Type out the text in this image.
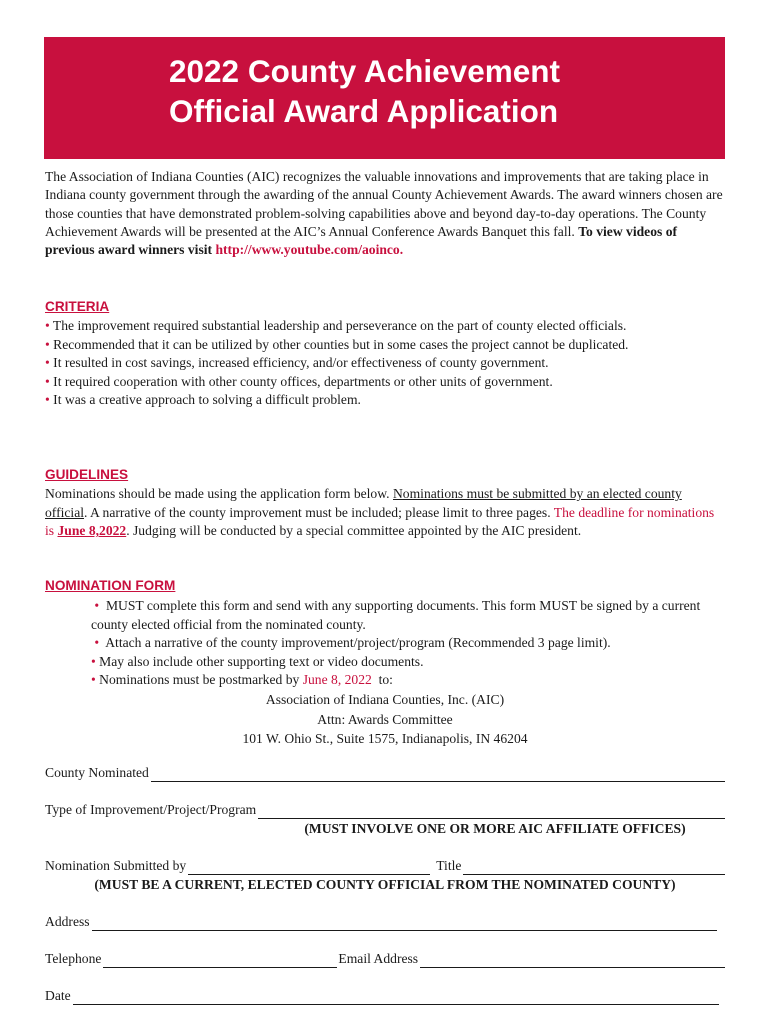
2022 County Achievement
Official Award Application

The Association of Indiana Counties (AIC) recognizes the valuable innovations and improvements that are taking place in Indiana county government through the awarding of the annual County Achievement Awards. The award winners chosen are those counties that have demonstrated problem-solving capabilities above and beyond day-to-day operations. The County Achievement Awards will be presented at the AIC’s Annual Conference Awards Banquet this fall. To view videos of previous award winners visit http://www.youtube.com/aoinco.

CRITERIA
• The improvement required substantial leadership and perseverance on the part of county elected officials.
• Recommended that it can be utilized by other counties but in some cases the project cannot be duplicated.
• It resulted in cost savings, increased efficiency, and/or effectiveness of county government.
• It required cooperation with other county offices, departments or other units of government.
• It was a creative approach to solving a difficult problem.
GUIDELINES

Nominations should be made using the application form below. Nominations must be submitted by an elected county official. A narrative of the county improvement must be included; please limit to three pages. The deadline for nominations is June 8,2022. Judging will be conducted by a special committee appointed by the AIC president.

NOMINATION FORM
• MUST complete this form and send with any supporting documents. This form MUST be signed by a current county elected official from the nominated county.
• Attach a narrative of the county improvement/project/program (Recommended 3 page limit).
• May also include other supporting text or video documents.
• Nominations must be postmarked by June 8, 2022 to:
Association of Indiana Counties, Inc. (AIC)
Attn: Awards Committee
101 W. Ohio St., Suite 1575, Indianapolis, IN 46204
County Nominated
Type of Improvement/Project/Program
(MUST INVOLVE ONE OR MORE AIC AFFILIATE OFFICES)
Nomination Submitted by	Title
(MUST BE A CURRENT, ELECTED COUNTY OFFICIAL FROM THE NOMINATED COUNTY)
Address
Telephone	Email Address
Date
